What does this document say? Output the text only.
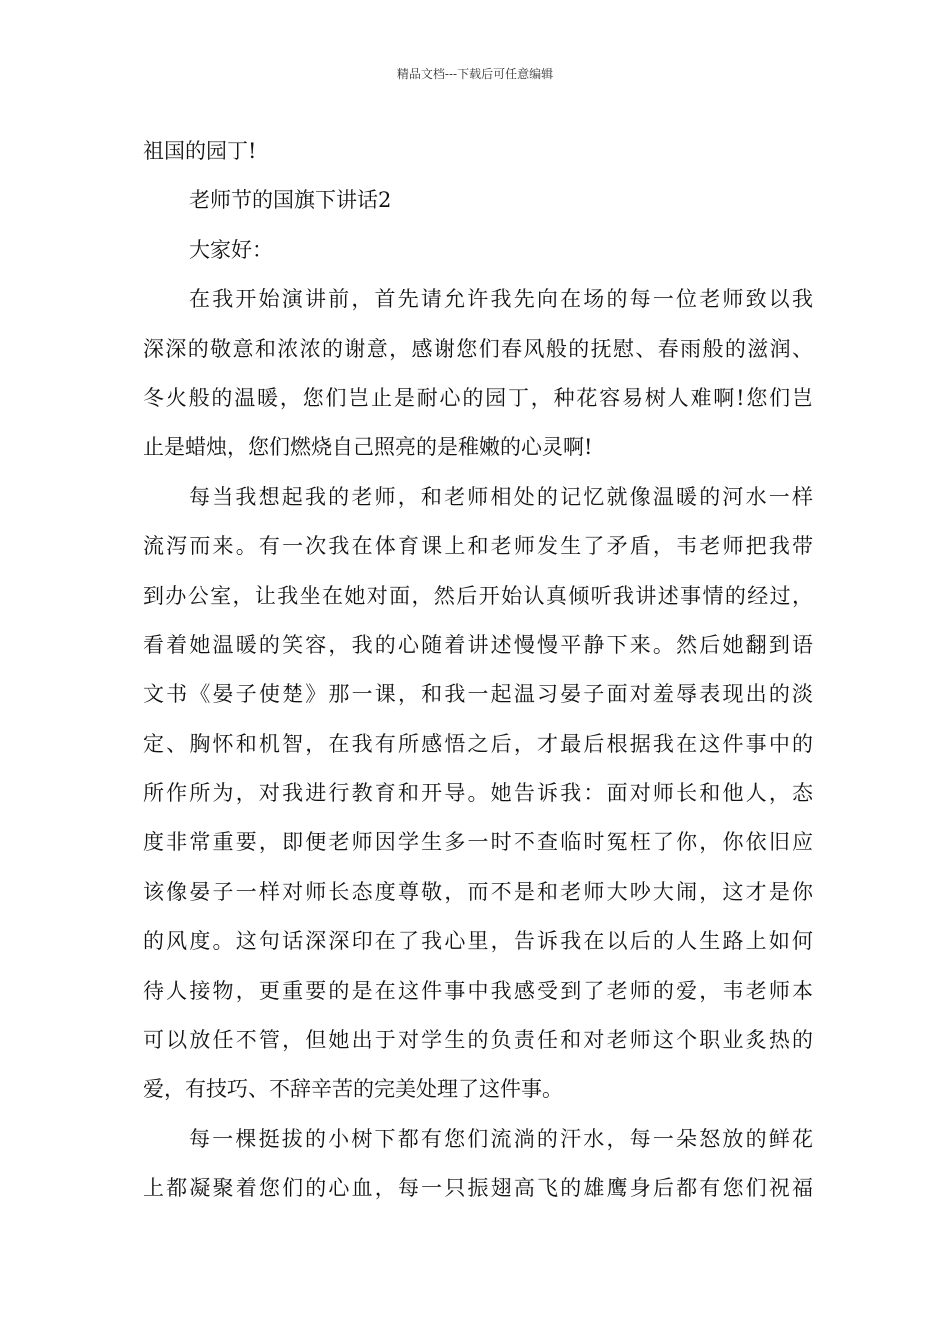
精品文档---下载后可任意编辑
祖国的园丁!
老师节的国旗下讲话2
大家好：
在我开始演讲前，首先请允许我先向在场的每一位老师致以我
深深的敬意和浓浓的谢意，感谢您们春风般的抚慰、春雨般的滋润、
冬火般的温暖，您们岂止是耐心的园丁，种花容易树人难啊!您们岂
止是蜡烛，您们燃烧自己照亮的是稚嫩的心灵啊!
每当我想起我的老师，和老师相处的记忆就像温暖的河水一样
流泻而来。有一次我在体育课上和老师发生了矛盾，韦老师把我带
到办公室，让我坐在她对面，然后开始认真倾听我讲述事情的经过，
看着她温暖的笑容，我的心随着讲述慢慢平静下来。然后她翻到语
文书《晏子使楚》那一课，和我一起温习晏子面对羞辱表现出的淡
定、胸怀和机智，在我有所感悟之后，才最后根据我在这件事中的
所作所为，对我进行教育和开导。她告诉我：面对师长和他人，态
度非常重要，即便老师因学生多一时不查临时冤枉了你，你依旧应
该像晏子一样对师长态度尊敬，而不是和老师大吵大闹，这才是你
的风度。这句话深深印在了我心里，告诉我在以后的人生路上如何
待人接物，更重要的是在这件事中我感受到了老师的爱，韦老师本
可以放任不管，但她出于对学生的负责任和对老师这个职业炙热的
爱，有技巧、不辞辛苦的完美处理了这件事。
每一棵挺拔的小树下都有您们流淌的汗水，每一朵怒放的鲜花
上都凝聚着您们的心血，每一只振翅高飞的雄鹰身后都有您们祝福
